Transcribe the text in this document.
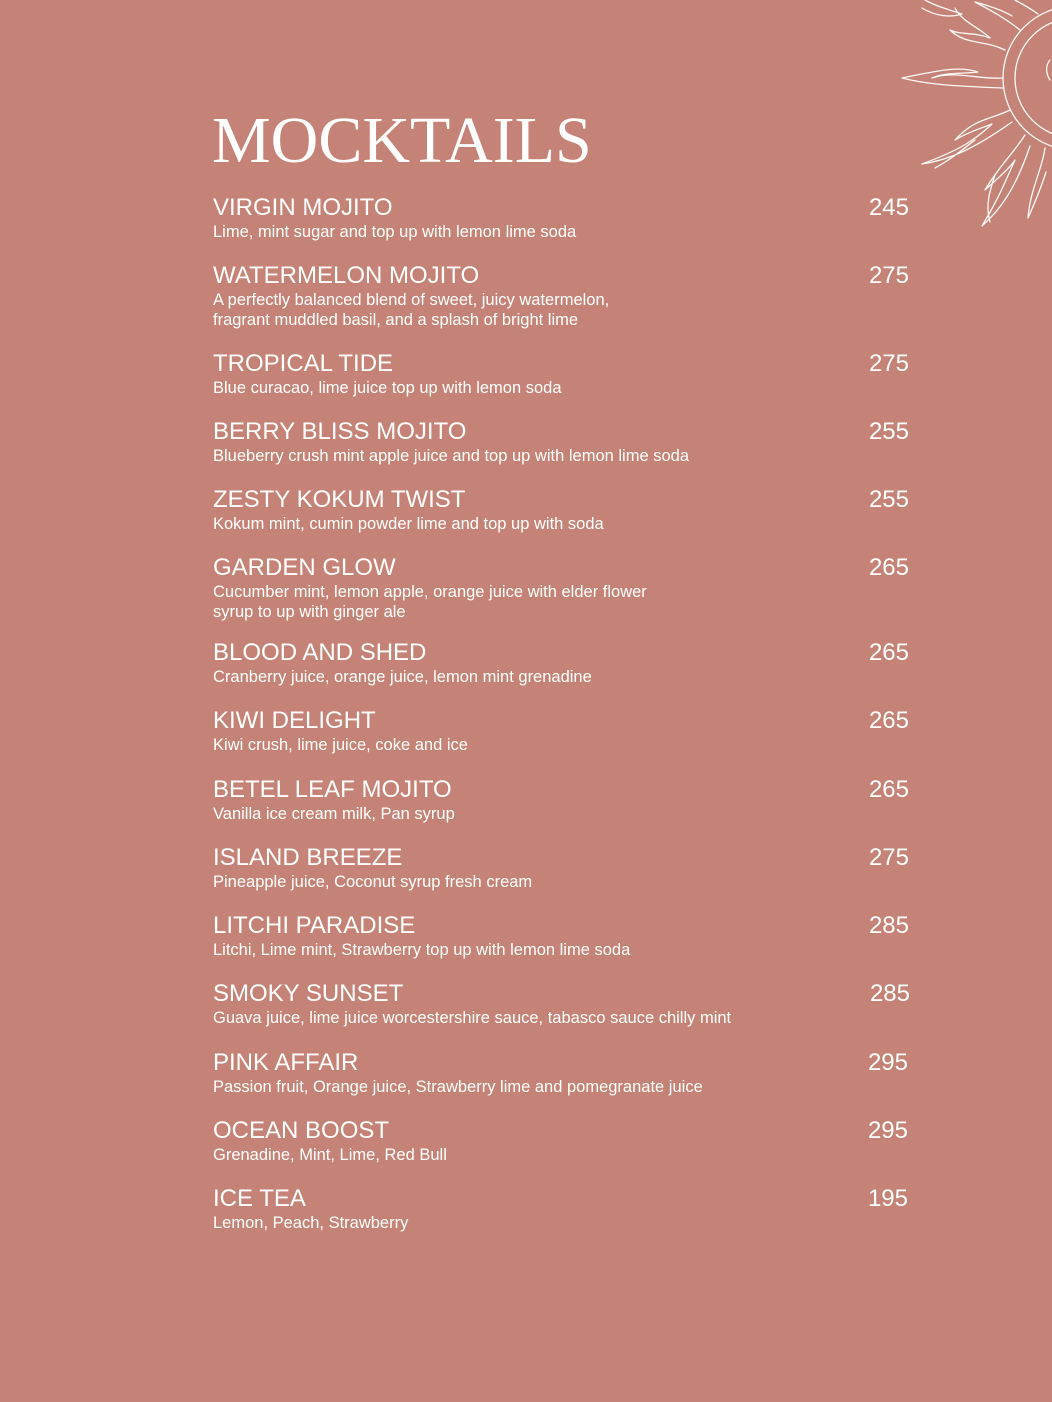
MOCKTAILS
VIRGIN MOJITO	245
Lime, mint sugar and top up with lemon lime soda
WATERMELON MOJITO	275
A perfectly balanced blend of sweet, juicy watermelon,
fragrant muddled basil, and a splash of bright lime
TROPICAL TIDE	275
Blue curacao, lime juice top up with lemon soda
BERRY BLISS MOJITO	255
Blueberry crush mint apple juice and top up with lemon lime soda
ZESTY KOKUM TWIST	255
Kokum mint, cumin powder lime and top up with soda
GARDEN GLOW	265
Cucumber mint, lemon apple, orange juice with elder flower
syrup to up with ginger ale
BLOOD AND SHED	265
Cranberry juice, orange juice, lemon mint grenadine
KIWI DELIGHT	265
Kiwi crush, lime juice, coke and ice
BETEL LEAF MOJITO	265
Vanilla ice cream milk, Pan syrup
ISLAND BREEZE	275
Pineapple juice, Coconut syrup fresh cream
LITCHI PARADISE	285
Litchi, Lime mint, Strawberry top up with lemon lime soda
SMOKY SUNSET	285
Guava juice, lime juice worcestershire sauce, tabasco sauce chilly mint
PINK AFFAIR	295
Passion fruit, Orange juice, Strawberry lime and pomegranate juice
OCEAN BOOST	295
Grenadine, Mint, Lime, Red Bull
ICE TEA	195
Lemon, Peach, Strawberry
